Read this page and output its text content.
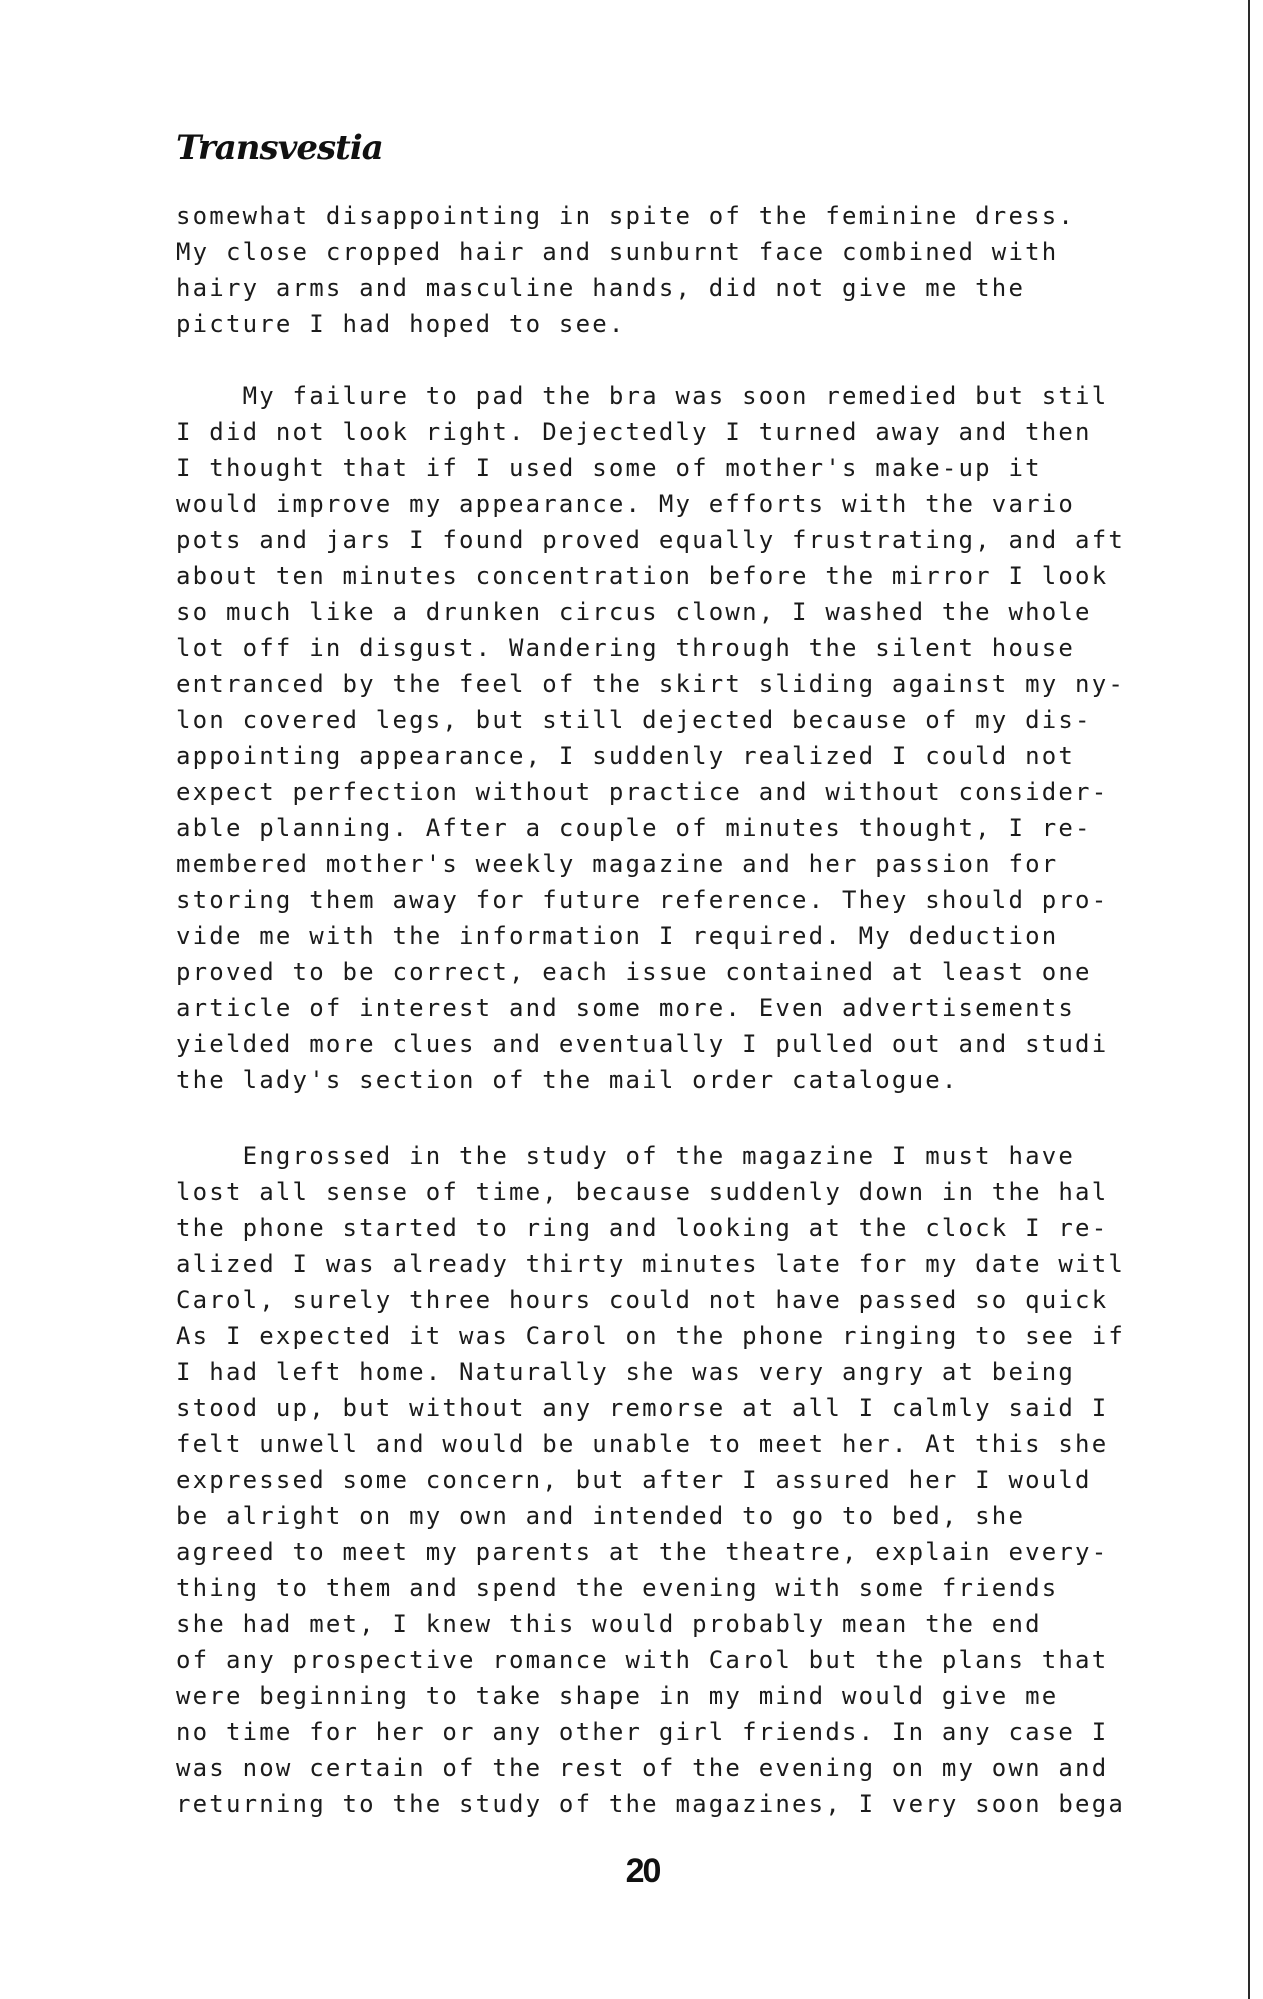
Transvestia
somewhat disappointing in spite of the feminine dress.
My close cropped hair and sunburnt face combined with
hairy arms and masculine hands, did not give me the
picture I had hoped to see.
My failure to pad the bra was soon remedied but stil
I did not look right. Dejectedly I turned away and then
I thought that if I used some of mother's make-up it
would improve my appearance. My efforts with the vario
pots and jars I found proved equally frustrating, and aft
about ten minutes concentration before the mirror I look
so much like a drunken circus clown, I washed the whole
lot off in disgust. Wandering through the silent house
entranced by the feel of the skirt sliding against my ny-
lon covered legs, but still dejected because of my dis-
appointing appearance, I suddenly realized I could not
expect perfection without practice and without consider-
able planning. After a couple of minutes thought, I re-
membered mother's weekly magazine and her passion for
storing them away for future reference. They should pro-
vide me with the information I required. My deduction
proved to be correct, each issue contained at least one
article of interest and some more. Even advertisements
yielded more clues and eventually I pulled out and studi
the lady's section of the mail order catalogue.
Engrossed in the study of the magazine I must have
lost all sense of time, because suddenly down in the hal
the phone started to ring and looking at the clock I re-
alized I was already thirty minutes late for my date witl
Carol, surely three hours could not have passed so quick
As I expected it was Carol on the phone ringing to see if
I had left home. Naturally she was very angry at being
stood up, but without any remorse at all I calmly said I
felt unwell and would be unable to meet her. At this she
expressed some concern, but after I assured her I would
be alright on my own and intended to go to bed, she
agreed to meet my parents at the theatre, explain every-
thing to them and spend the evening with some friends
she had met, I knew this would probably mean the end
of any prospective romance with Carol but the plans that
were beginning to take shape in my mind would give me
no time for her or any other girl friends. In any case I
was now certain of the rest of the evening on my own and
returning to the study of the magazines, I very soon bega
20
